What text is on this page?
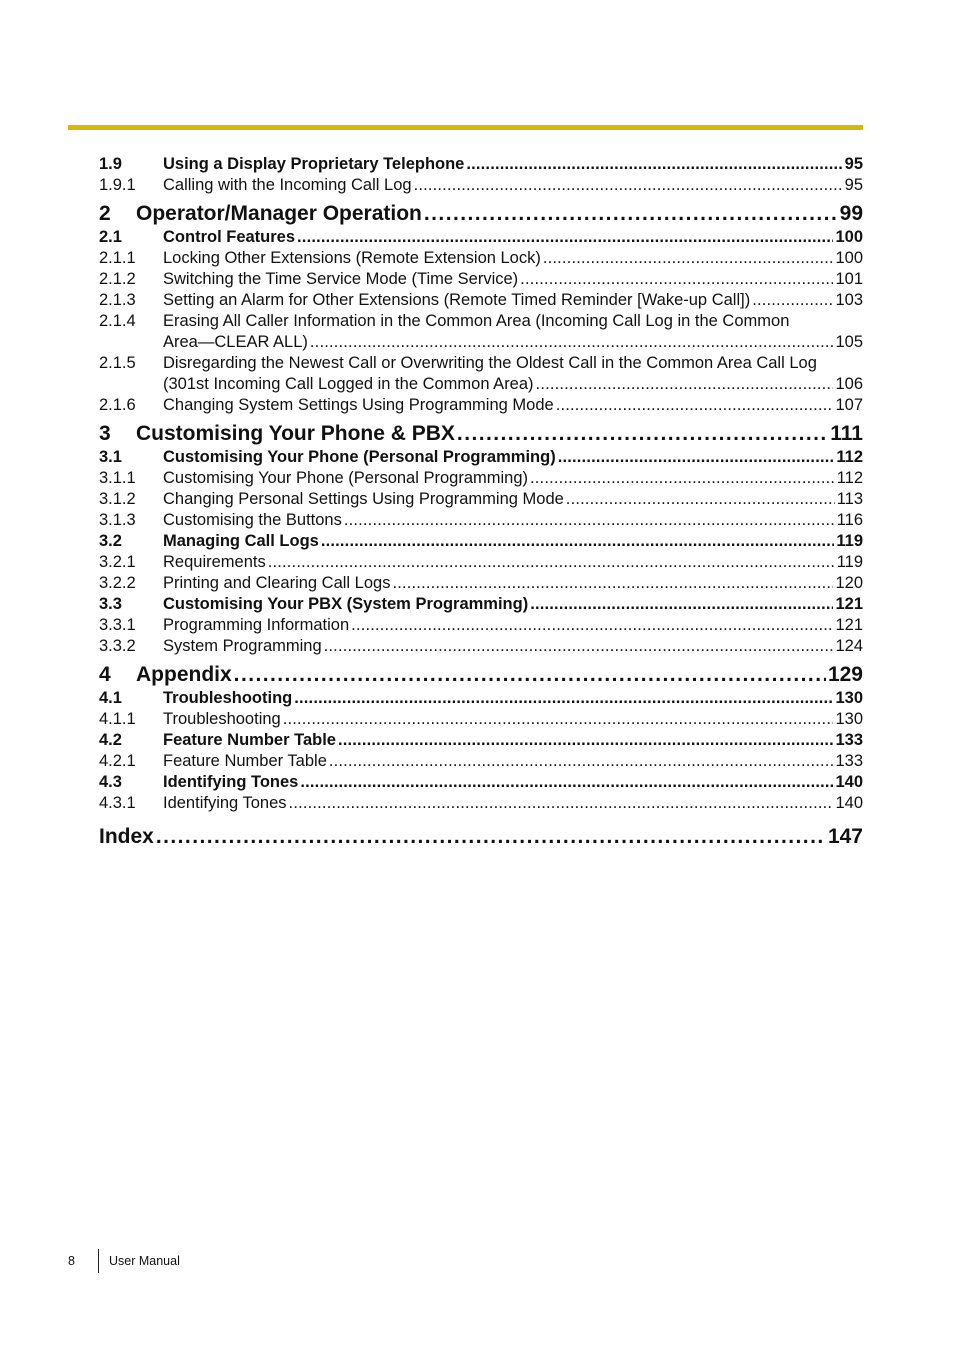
1.9	Using a Display Proprietary Telephone . . .	95
1.9.1	Calling with the Incoming Call Log . . .	95
2	Operator/Manager Operation . . .	99
2.1	Control Features . . .	100
2.1.1	Locking Other Extensions (Remote Extension Lock) . . .	100
2.1.2	Switching the Time Service Mode (Time Service) . . .	101
2.1.3	Setting an Alarm for Other Extensions (Remote Timed Reminder [Wake-up Call]) . . .	103
2.1.4	Erasing All Caller Information in the Common Area (Incoming Call Log in the Common
Area—CLEAR ALL) . . .	105
2.1.5	Disregarding the Newest Call or Overwriting the Oldest Call in the Common Area Call Log
(301st Incoming Call Logged in the Common Area) . . .	106
2.1.6	Changing System Settings Using Programming Mode . . .	107
3	Customising Your Phone & PBX . . .	111
3.1	Customising Your Phone (Personal Programming) . . .	112
3.1.1	Customising Your Phone (Personal Programming) . . .	112
3.1.2	Changing Personal Settings Using Programming Mode . . .	113
3.1.3	Customising the Buttons . . .	116
3.2	Managing Call Logs . . .	119
3.2.1	Requirements . . .	119
3.2.2	Printing and Clearing Call Logs . . .	120
3.3	Customising Your PBX (System Programming) . . .	121
3.3.1	Programming Information . . .	121
3.3.2	System Programming . . .	124
4	Appendix . . .	129
4.1	Troubleshooting . . .	130
4.1.1	Troubleshooting . . .	130
4.2	Feature Number Table . . .	133
4.2.1	Feature Number Table . . .	133
4.3	Identifying Tones . . .	140
4.3.1	Identifying Tones . . .	140
Index . . .	147
8	User Manual
